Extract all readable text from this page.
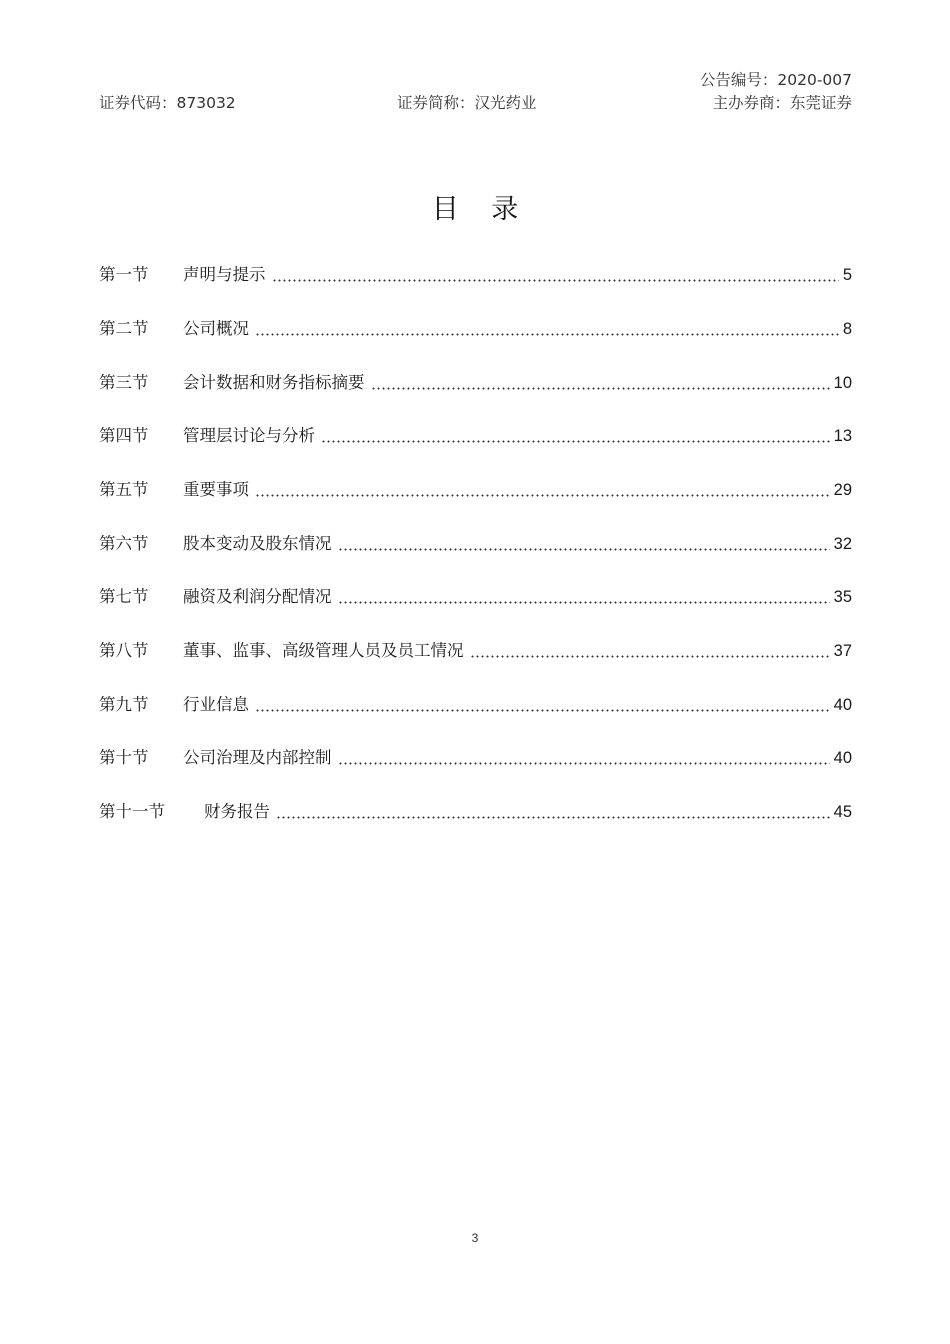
公告编号：2020-007
证券代码：873032	证券简称：汉光药业	主办券商：东莞证券
目 录
第一节	声明与提示	5
第二节	公司概况	8
第三节	会计数据和财务指标摘要	10
第四节	管理层讨论与分析	13
第五节	重要事项	29
第六节	股本变动及股东情况	32
第七节	融资及利润分配情况	35
第八节	董事、监事、高级管理人员及员工情况	37
第九节	行业信息	40
第十节	公司治理及内部控制	40
第十一节	财务报告	45
3
